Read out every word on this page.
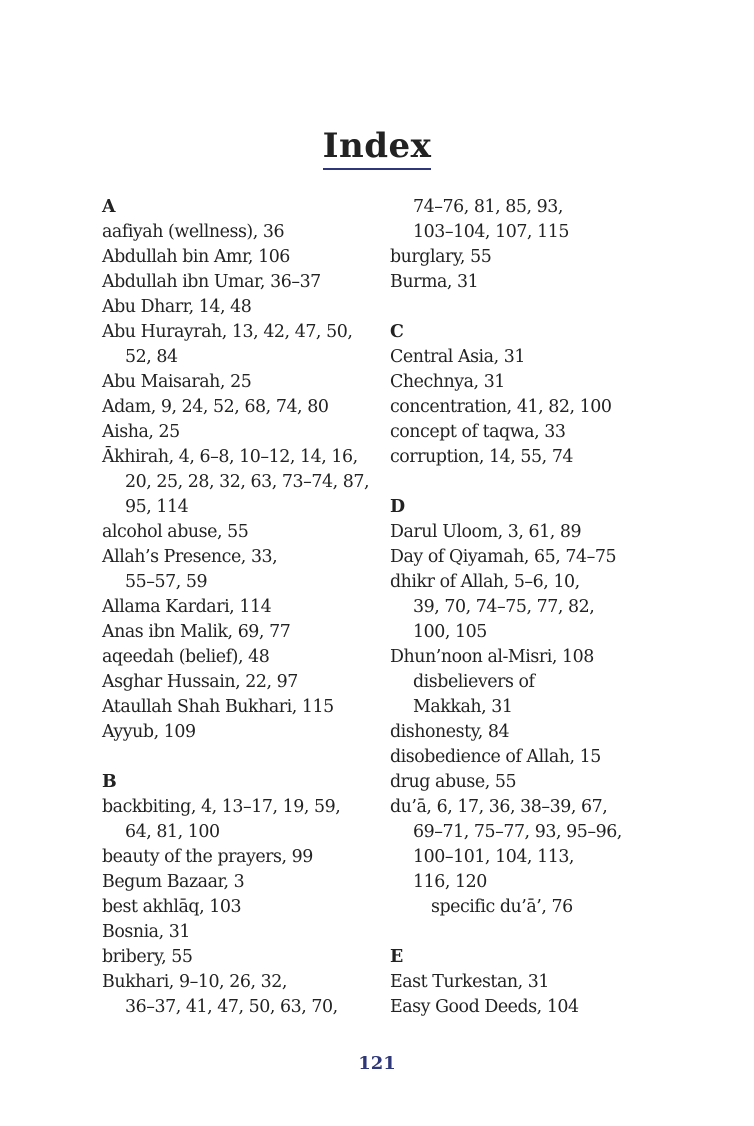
Index
A
aafiyah (wellness), 36
Abdullah bin Amr, 106
Abdullah ibn Umar, 36–37
Abu Dharr, 14, 48
Abu Hurayrah, 13, 42, 47, 50,
52, 84
Abu Maisarah, 25
Adam, 9, 24, 52, 68, 74, 80
Aisha, 25
Ākhirah, 4, 6–8, 10–12, 14, 16,
20, 25, 28, 32, 63, 73–74, 87,
95, 114
alcohol abuse, 55
Allah’s Presence, 33,
55–57, 59
Allama Kardari, 114
Anas ibn Malik, 69, 77
aqeedah (belief), 48
Asghar Hussain, 22, 97
Ataullah Shah Bukhari, 115
Ayyub, 109
B
backbiting, 4, 13–17, 19, 59,
64, 81, 100
beauty of the prayers, 99
Begum Bazaar, 3
best akhlāq, 103
Bosnia, 31
bribery, 55
Bukhari, 9–10, 26, 32,
36–37, 41, 47, 50, 63, 70,
74–76, 81, 85, 93,
103–104, 107, 115
burglary, 55
Burma, 31
C
Central Asia, 31
Chechnya, 31
concentration, 41, 82, 100
concept of taqwa, 33
corruption, 14, 55, 74
D
Darul Uloom, 3, 61, 89
Day of Qiyamah, 65, 74–75
dhikr of Allah, 5–6, 10,
39, 70, 74–75, 77, 82,
100, 105
Dhun’noon al-Misri, 108
disbelievers of
Makkah, 31
dishonesty, 84
disobedience of Allah, 15
drug abuse, 55
du’ā, 6, 17, 36, 38–39, 67,
69–71, 75–77, 93, 95–96,
100–101, 104, 113,
116, 120
specific du’ā’, 76
E
East Turkestan, 31
Easy Good Deeds, 104
121
